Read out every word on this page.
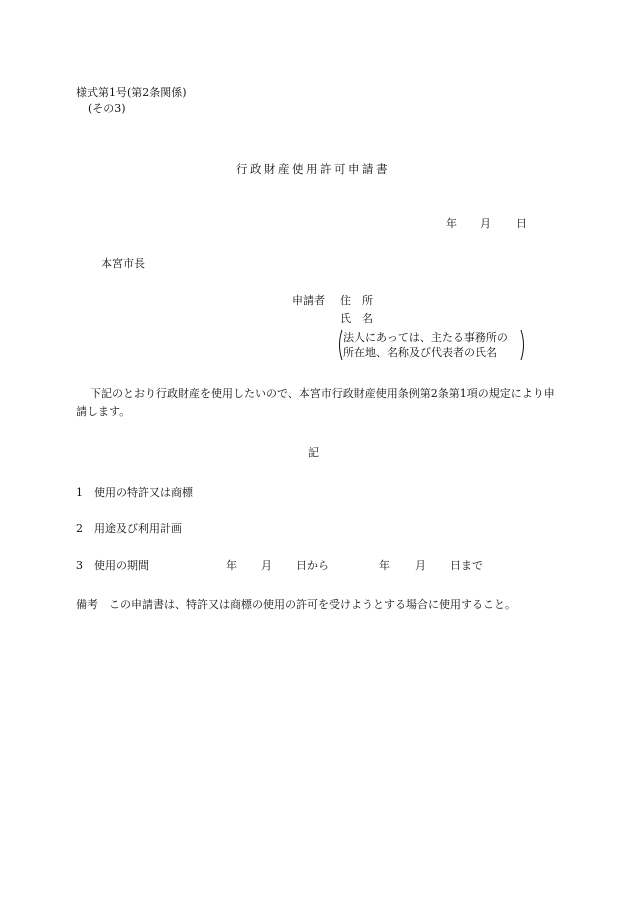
様式第1号(第2条関係)
(その3)
行政財産使用許可申請書
年 月 日
本宮市長
申請者 住　所
氏　名
法人にあっては、主たる事務所の
所在地、名称及び代表者の氏名
下記のとおり行政財産を使用したいので、本宮市行政財産使用条例第2条第1項の規定により申請します。
記
1 使用の特許又は商標
2 用途及び利用計画
3 使用の期間	年 月 日から	年 月 日まで
備考　この申請書は、特許又は商標の使用の許可を受けようとする場合に使用すること。
